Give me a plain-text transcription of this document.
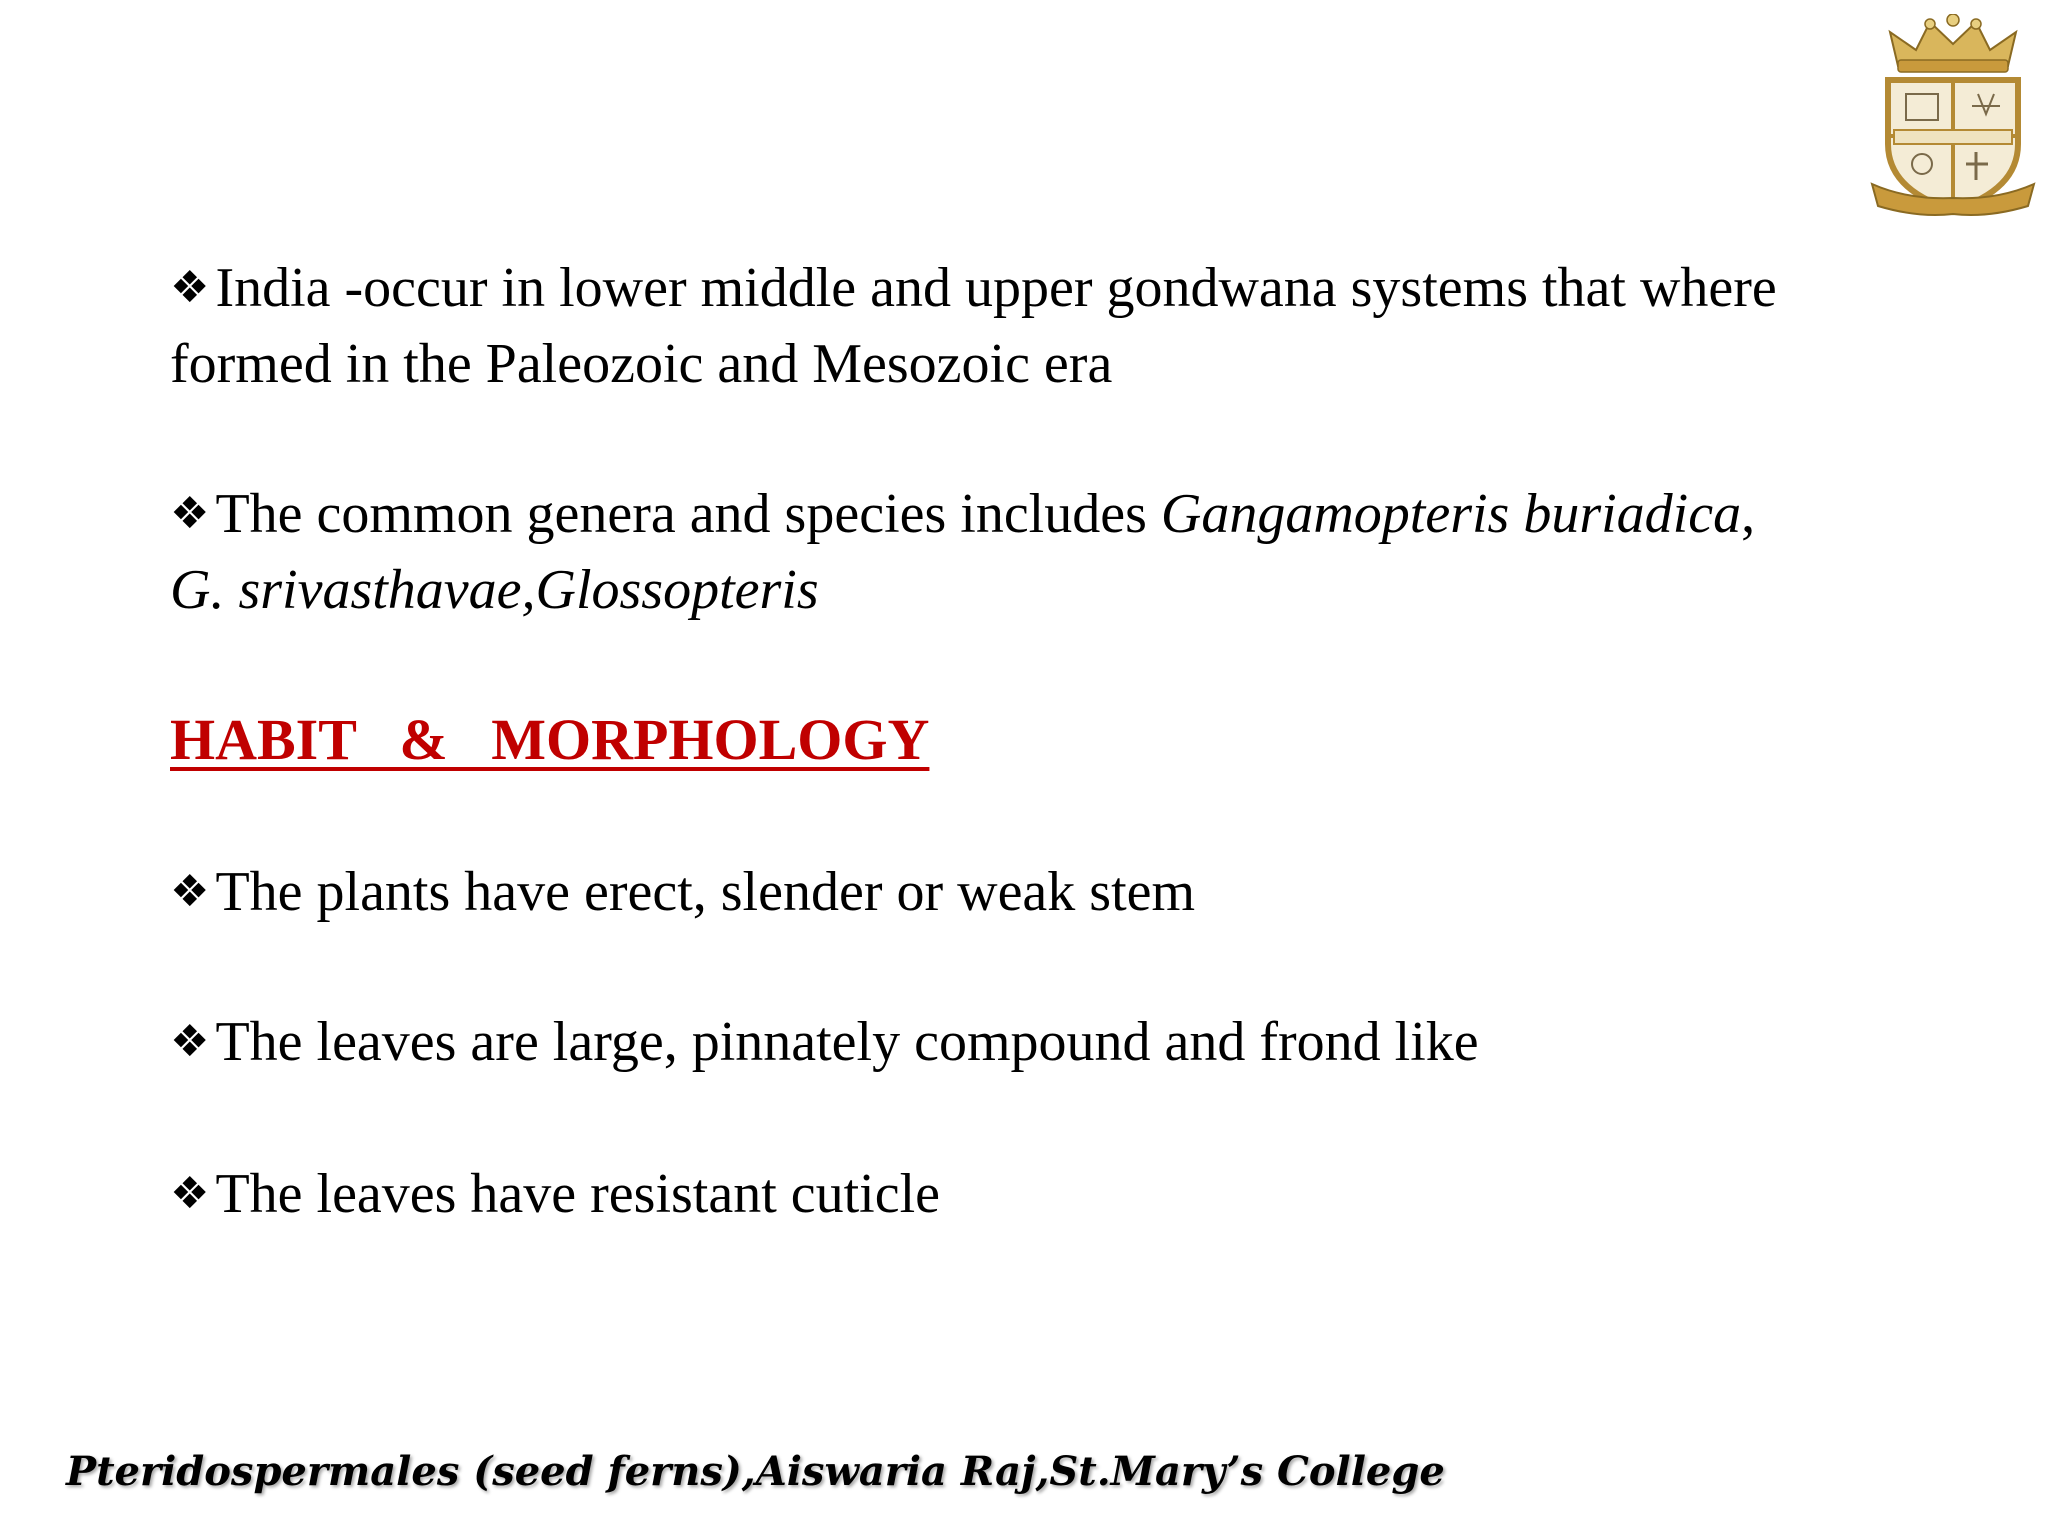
❖ India -occur in lower middle and upper gondwana systems that where formed in the Paleozoic and Mesozoic era

❖ The common genera and species includes Gangamopteris buriadica, G. srivasthavae,Glossopteris

HABIT   &   MORPHOLOGY

❖ The plants have erect, slender or weak stem

❖ The leaves are large, pinnately compound and frond like

❖ The leaves have resistant cuticle

Pteridospermales (seed ferns),Aiswaria Raj,St.Mary’s College
